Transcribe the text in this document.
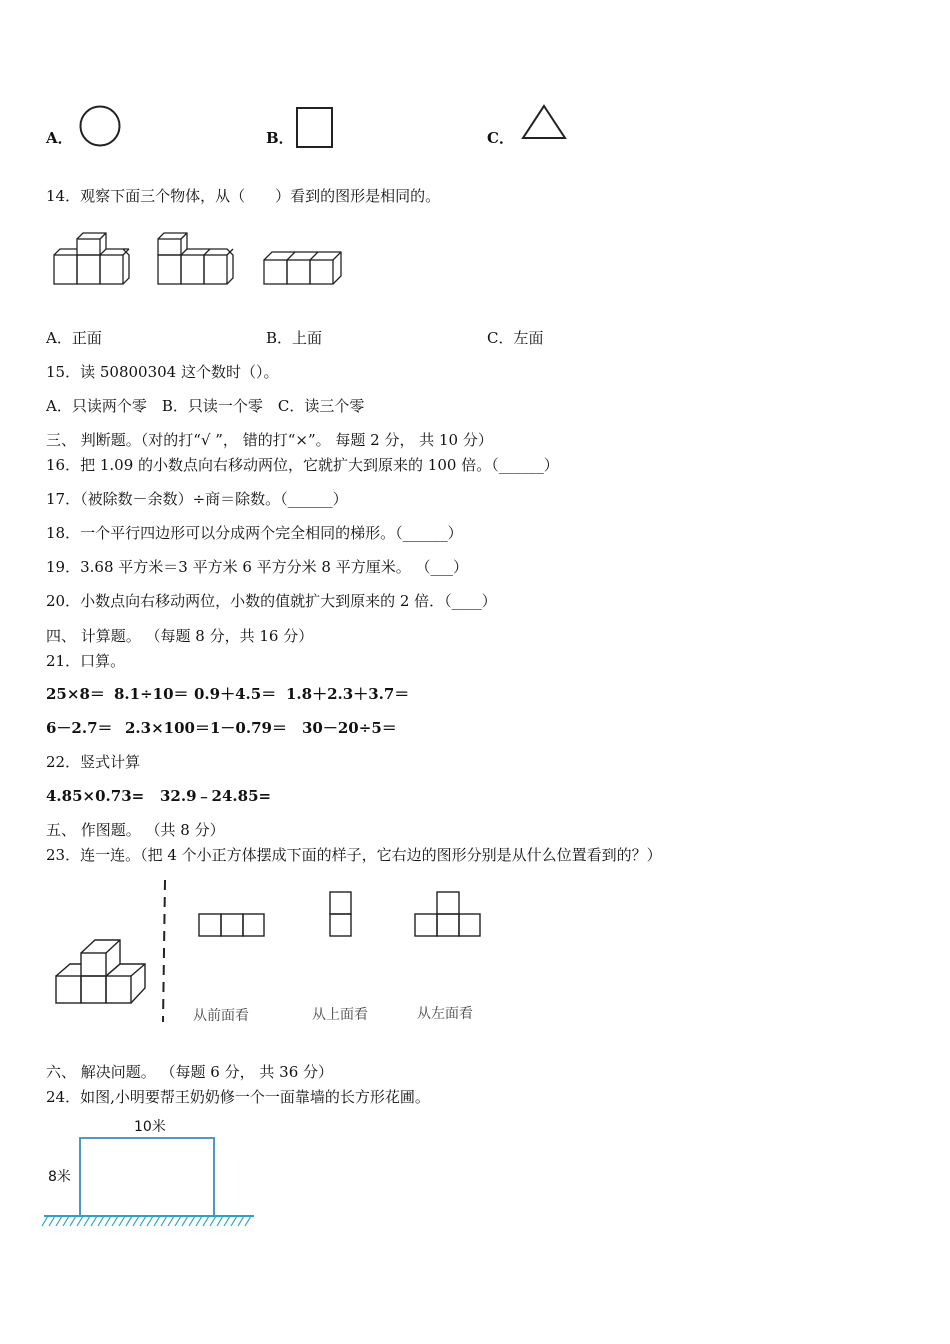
A．	B．	C．
14．观察下面三个物体，从（　　）看到的图形是相同的。
A．正面	B．上面	C．左面
15．读 50800304 这个数时（）。
A．只读两个零　B．只读一个零　C．读三个零
三、 判断题。（对的打“√ ”， 错的打“×”。 每题 2 分， 共 10 分）
16．把 1.09 的小数点向右移动两位，它就扩大到原来的 100 倍。（______）
17．（被除数－余数）÷商＝除数。（______）
18．一个平行四边形可以分成两个完全相同的梯形。（______）
19．3.68 平方米＝3 平方米 6 平方分米 8 平方厘米。 （___）
20．小数点向右移动两位，小数的值就扩大到原来的 2 倍．（____）
四、 计算题。 （每题 8 分，共 16 分）
21．口算。
25×8＝ 8.1÷10＝ 0.9＋4.5＝ 1.8＋2.3＋3.7＝
6－2.7＝ 2.3×100＝ 1－0.79＝ 30－20÷5＝
22．竖式计算
4.85×0.73= 32.9﹣24.85=
五、 作图题。 （共 8 分）
23．连一连。（把 4 个小正方体摆成下面的样子，它右边的图形分别是从什么位置看到的？）
从前面看	从上面看	从左面看
六、 解决问题。 （每题 6 分， 共 36 分）
24．如图,小明要帮王奶奶修一个一面靠墙的长方形花圃。
10米
8米
